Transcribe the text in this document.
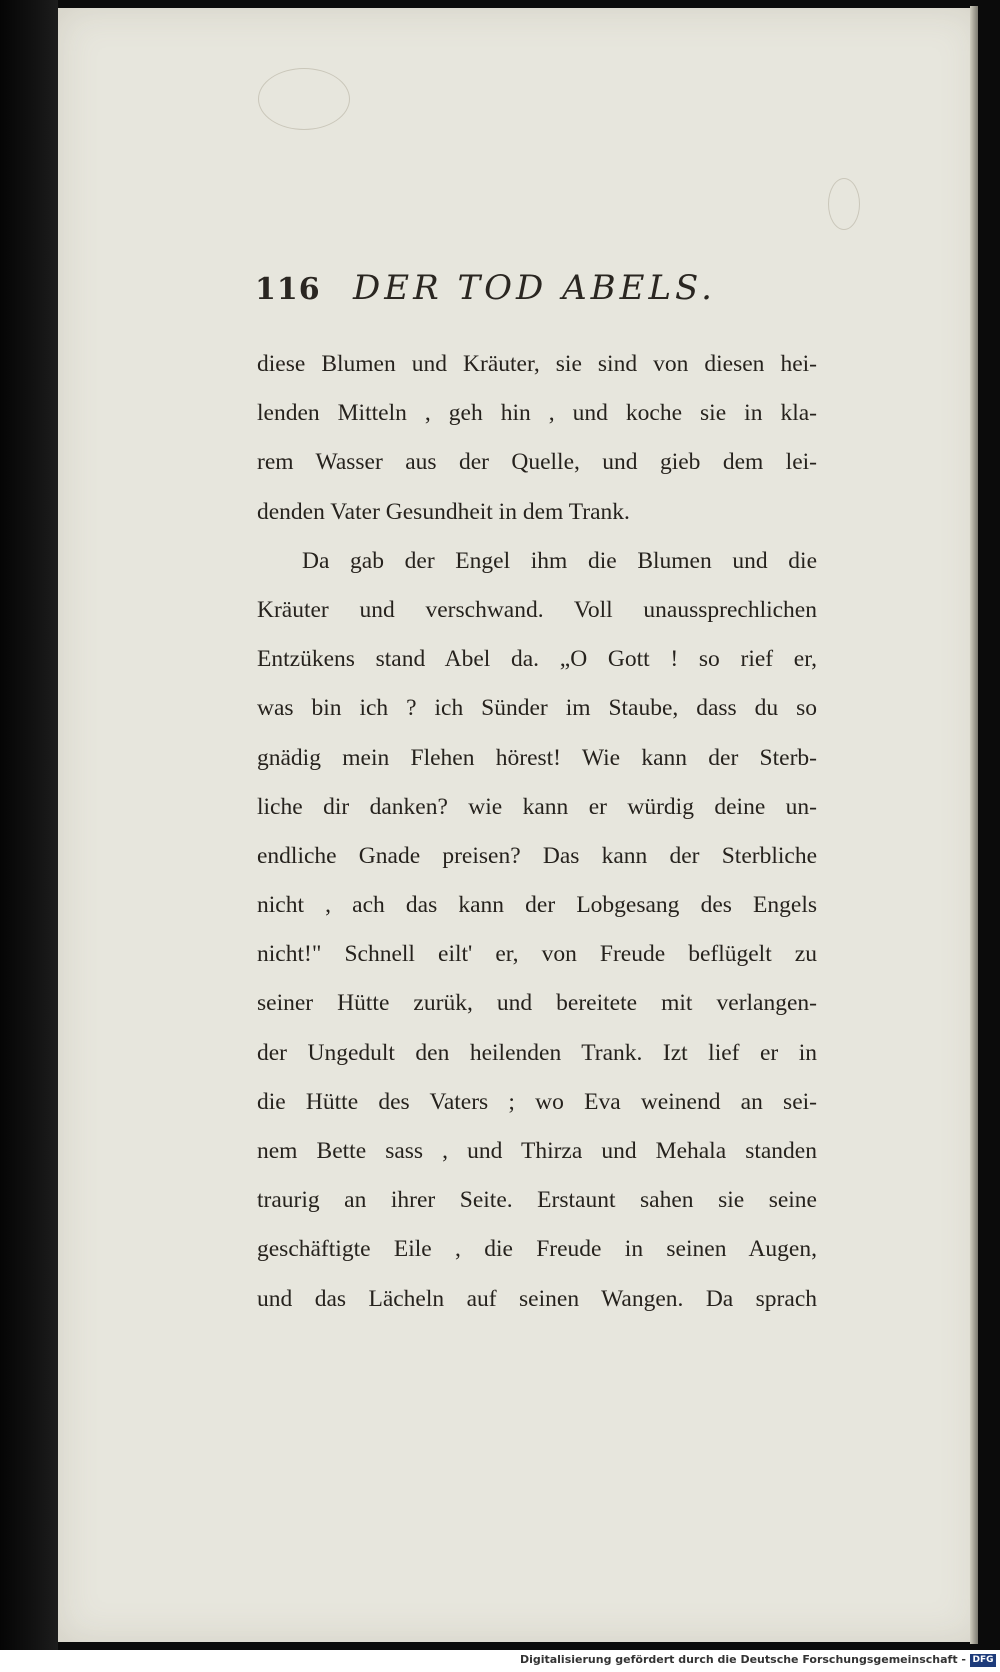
116 DER TOD ABELS.
diese Blumen und Kräuter, sie sind von diesen hei-
lenden Mitteln , geh hin , und koche sie in kla-
rem Wasser aus der Quelle, und gieb dem lei-
denden Vater Gesundheit in dem Trank.
Da gab der Engel ihm die Blumen und die
Kräuter und verschwand. Voll unaussprechlichen
Entzükens stand Abel da. „O Gott ! so rief er,
was bin ich ? ich Sünder im Staube, dass du so
gnädig mein Flehen hörest! Wie kann der Sterb-
liche dir danken? wie kann er würdig deine un-
endliche Gnade preisen? Das kann der Sterbliche
nicht , ach das kann der Lobgesang des Engels
nicht!" Schnell eilt' er, von Freude beflügelt zu
seiner Hütte zurük, und bereitete mit verlangen-
der Ungedult den heilenden Trank. Izt lief er in
die Hütte des Vaters ; wo Eva weinend an sei-
nem Bette sass , und Thirza und Mehala standen
traurig an ihrer Seite. Erstaunt sahen sie seine
geschäftigte Eile , die Freude in seinen Augen,
und das Lächeln auf seinen Wangen. Da sprach
Digitalisierung gefördert durch die Deutsche Forschungsgemeinschaft - DFG
